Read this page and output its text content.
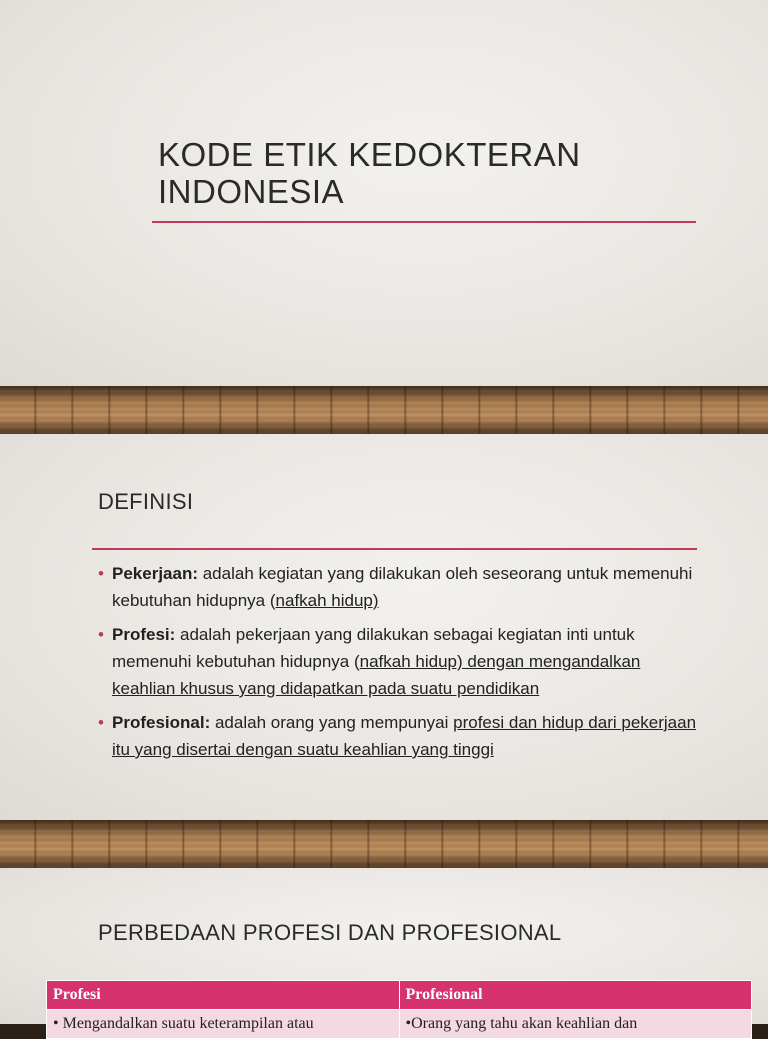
KODE ETIK KEDOKTERAN INDONESIA
DEFINISI
• Pekerjaan: adalah kegiatan yang dilakukan oleh seseorang untuk memenuhi kebutuhan hidupnya (nafkah hidup)
• Profesi: adalah pekerjaan yang dilakukan sebagai kegiatan inti untuk memenuhi kebutuhan hidupnya (nafkah hidup) dengan mengandalkan keahlian khusus yang didapatkan pada suatu pendidikan
• Profesional: adalah orang yang mempunyai profesi dan hidup dari pekerjaan itu yang disertai dengan suatu keahlian yang tinggi
PERBEDAAN PROFESI DAN PROFESIONAL
Profesi	Profesional
• Mengandalkan suatu keterampilan atau	•Orang yang tahu akan keahlian dan
